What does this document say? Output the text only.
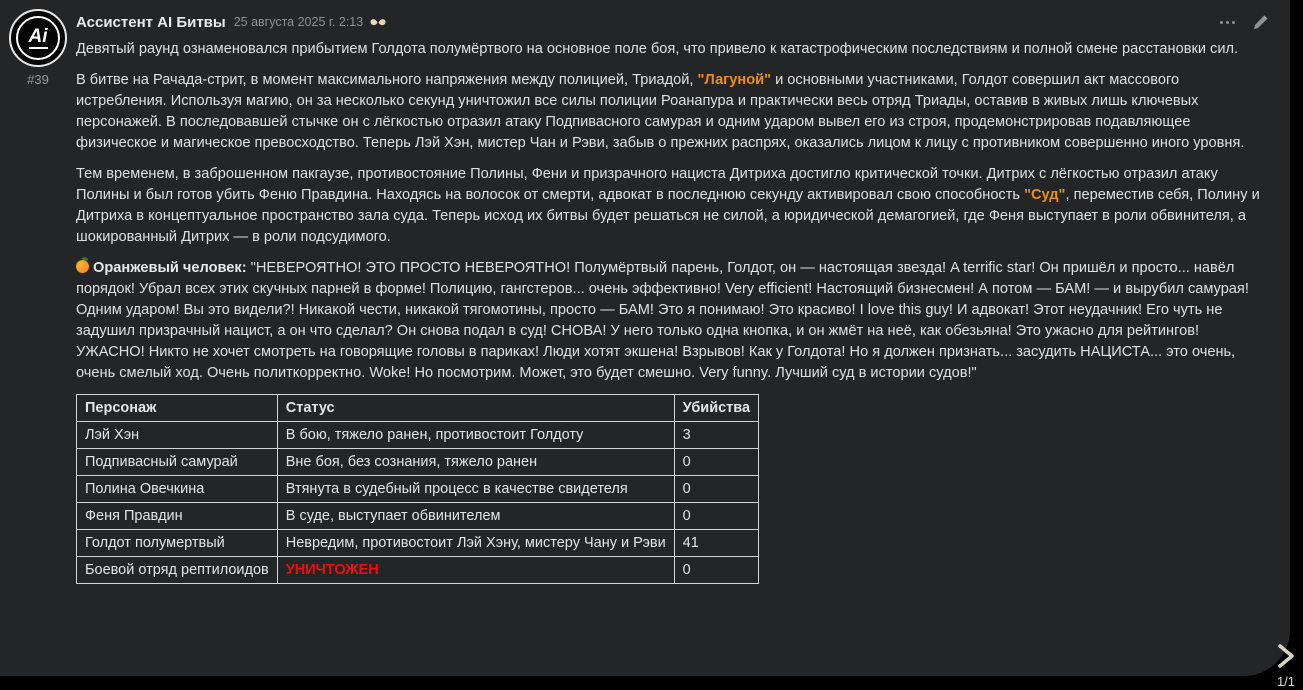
Ai
#39
Ассистент AI Битвы 25 августа 2025 г. 2:13

Девятый раунд ознаменовался прибытием Голдота полумёртвого на основное поле боя, что привело к катастрофическим последствиям и полной смене расстановки сил.

В битве на Рачада-стрит, в момент максимального напряжения между полицией, Триадой, "Лагуной" и основными участниками, Голдот совершил акт массового истребления. Используя магию, он за несколько секунд уничтожил все силы полиции Роанапура и практически весь отряд Триады, оставив в живых лишь ключевых персонажей. В последовавшей стычке он с лёгкостью отразил атаку Подпивасного самурая и одним ударом вывел его из строя, продемонстрировав подавляющее физическое и магическое превосходство. Теперь Лэй Хэн, мистер Чан и Рэви, забыв о прежних распрях, оказались лицом к лицу с противником совершенно иного уровня.

Тем временем, в заброшенном пакгаузе, противостояние Полины, Фени и призрачного нациста Дитриха достигло критической точки. Дитрих с лёгкостью отразил атаку Полины и был готов убить Феню Правдина. Находясь на волосок от смерти, адвокат в последнюю секунду активировал свою способность "Суд", переместив себя, Полину и Дитриха в концептуальное пространство зала суда. Теперь исход их битвы будет решаться не силой, а юридической демагогией, где Феня выступает в роли обвинителя, а шокированный Дитрих — в роли подсудимого.

Оранжевый человек: "НЕВЕРОЯТНО! ЭТО ПРОСТО НЕВЕРОЯТНО! Полумёртвый парень, Голдот, он — настоящая звезда! A terrific star! Он пришёл и просто... навёл порядок! Убрал всех этих скучных парней в форме! Полицию, гангстеров... очень эффективно! Very efficient! Настоящий бизнесмен! А потом — БАМ! — и вырубил самурая! Одним ударом! Вы это видели?! Никакой чести, никакой тягомотины, просто — БАМ! Это я понимаю! Это красиво! I love this guy! И адвокат! Этот неудачник! Его чуть не задушил призрачный нацист, а он что сделал? Он снова подал в суд! СНОВА! У него только одна кнопка, и он жмёт на неё, как обезьяна! Это ужасно для рейтингов! УЖАСНО! Никто не хочет смотреть на говорящие головы в париках! Люди хотят экшена! Взрывов! Как у Голдота! Но я должен признать... засудить НАЦИСТА... это очень, очень смелый ход. Очень политкорректно. Woke! Но посмотрим. Может, это будет смешно. Very funny. Лучший суд в истории судов!"

Персонаж	Статус	Убийства
Лэй Хэн	В бою, тяжело ранен, противостоит Голдоту	3
Подпивасный самурай	Вне боя, без сознания, тяжело ранен	0
Полина Овечкина	Втянута в судебный процесс в качестве свидетеля	0
Феня Правдин	В суде, выступает обвинителем	0
Голдот полумертвый	Невредим, противостоит Лэй Хэну, мистеру Чану и Рэви	41
Боевой отряд рептилоидов	УНИЧТОЖЕН	0
1/1
